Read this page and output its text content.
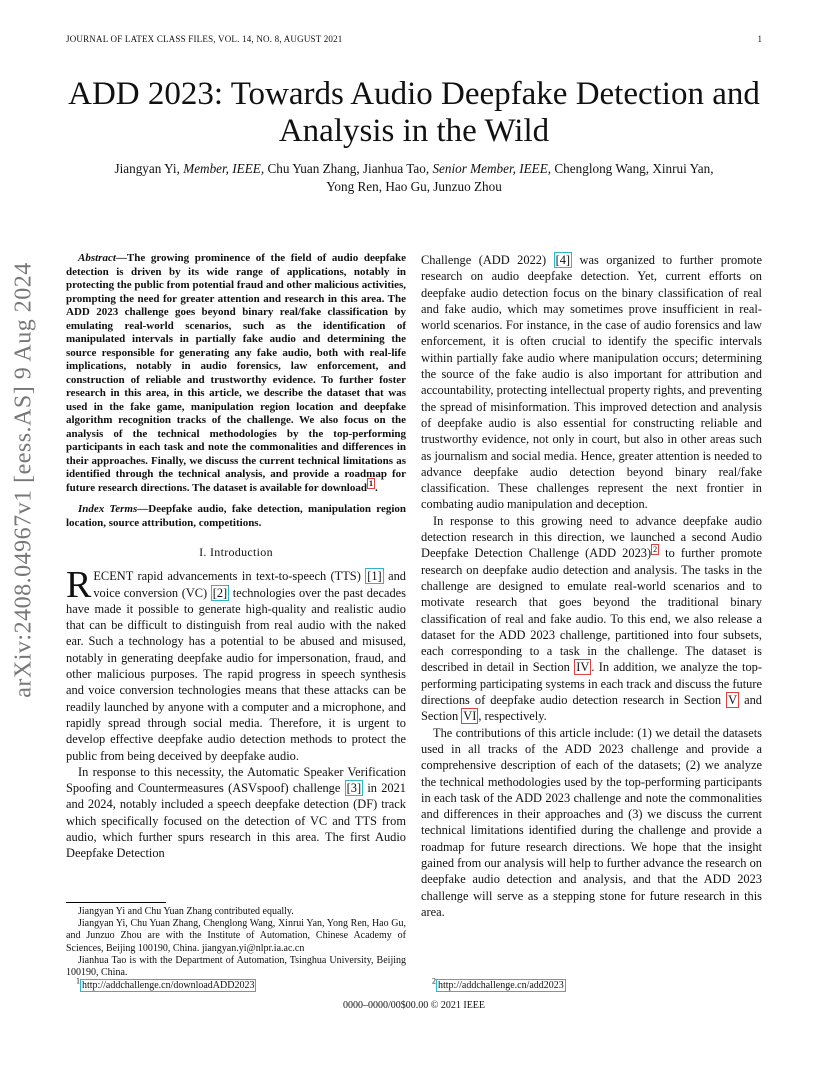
JOURNAL OF LATEX CLASS FILES, VOL. 14, NO. 8, AUGUST 2021	1
arXiv:2408.04967v1 [eess.AS] 9 Aug 2024
ADD 2023: Towards Audio Deepfake Detection and Analysis in the Wild
Jiangyan Yi, Member, IEEE, Chu Yuan Zhang, Jianhua Tao, Senior Member, IEEE, Chenglong Wang, Xinrui Yan,
Yong Ren, Hao Gu, Junzuo Zhou
Abstract—The growing prominence of the field of audio deepfake detection is driven by its wide range of applications, notably in protecting the public from potential fraud and other malicious activities, prompting the need for greater attention and research in this area. The ADD 2023 challenge goes beyond binary real/fake classification by emulating real-world scenarios, such as the identification of manipulated intervals in partially fake audio and determining the source responsible for generating any fake audio, both with real-life implications, notably in audio forensics, law enforcement, and construction of reliable and trustworthy evidence. To further foster research in this area, in this article, we describe the dataset that was used in the fake game, manipulation region location and deepfake algorithm recognition tracks of the challenge. We also focus on the analysis of the technical methodologies by the top-performing participants in each task and note the commonalities and differences in their approaches. Finally, we discuss the current technical limitations as identified through the technical analysis, and provide a roadmap for future research directions. The dataset is available for download $^1$ .
Index Terms—Deepfake audio, fake detection, manipulation region location, source attribution, competitions.
I. Introduction

RECENT rapid advancements in text-to-speech (TTS) [1] and voice conversion (VC) [2] technologies over the past decades have made it possible to generate high-quality and realistic audio that can be difficult to distinguish from real audio with the naked ear. Such a technology has a potential to be abused and misused, notably in generating deepfake audio for impersonation, fraud, and other malicious purposes. The rapid progress in speech synthesis and voice conversion technologies means that these attacks can be readily launched by anyone with a computer and a microphone, and rapidly spread through social media. Therefore, it is urgent to develop effective deepfake audio detection methods to protect the public from being deceived by deepfake audio.

In response to this necessity, the Automatic Speaker Verification Spoofing and Countermeasures (ASVspoof) challenge [3] in 2021 and 2024, notably included a speech deepfake detection (DF) track which specifically focused on the detection of VC and TTS from audio, which further spurs research in this area. The first Audio Deepfake Detection

Challenge (ADD 2022) [4] was organized to further promote research on audio deepfake detection. Yet, current efforts on deepfake audio detection focus on the binary classification of real and fake audio, which may sometimes prove insufficient in real-world scenarios. For instance, in the case of audio forensics and law enforcement, it is often crucial to identify the specific intervals within partially fake audio where manipulation occurs; determining the source of the fake audio is also important for attribution and accountability, protecting intellectual property rights, and preventing the spread of misinformation. This improved detection and analysis of deepfake audio is also essential for constructing reliable and trustworthy evidence, not only in court, but also in other areas such as journalism and social media. Hence, greater attention is needed to advance deepfake audio detection beyond binary real/fake classification. These challenges represent the next frontier in combating audio manipulation and deception.

In response to this growing need to advance deepfake audio detection research in this direction, we launched a second Audio Deepfake Detection Challenge (ADD 2023) $^2$ to further promote research on deepfake audio detection and analysis. The tasks in the challenge are designed to emulate real-world scenarios and to motivate research that goes beyond the traditional binary classification of real and fake audio. To this end, we also release a dataset for the ADD 2023 challenge, partitioned into four subsets, each corresponding to a task in the challenge. The dataset is described in detail in Section IV . In addition, we analyze the top-performing participating systems in each track and discuss the future directions of deepfake audio detection research in Section V and Section VI , respectively.

The contributions of this article include: (1) we detail the datasets used in all tracks of the ADD 2023 challenge and provide a comprehensive description of each of the datasets; (2) we analyze the technical methodologies used by the top-performing participants in each task of the ADD 2023 challenge and note the commonalities and differences in their approaches and (3) we discuss the current technical limitations identified during the challenge and provide a roadmap for future research directions. We hope that the insight gained from our analysis will help to further advance the research on deepfake audio detection and analysis, and that the ADD 2023 challenge will serve as a stepping stone for future research in this area.

Jiangyan Yi and Chu Yuan Zhang contributed equally.
Jiangyan Yi, Chu Yuan Zhang, Chenglong Wang, Xinrui Yan, Yong Ren, Hao Gu, and Junzuo Zhou are with the Institute of Automation, Chinese Academy of Sciences, Beijing 100190, China. jiangyan.yi@nlpr.ia.ac.cn
Jianhua Tao is with the Department of Automation, Tsinghua University, Beijing 100190, China.
$^1$ http://addchallenge.cn/downloadADD2023	$^2$ http://addchallenge.cn/add2023
0000–0000/00$00.00 © 2021 IEEE
